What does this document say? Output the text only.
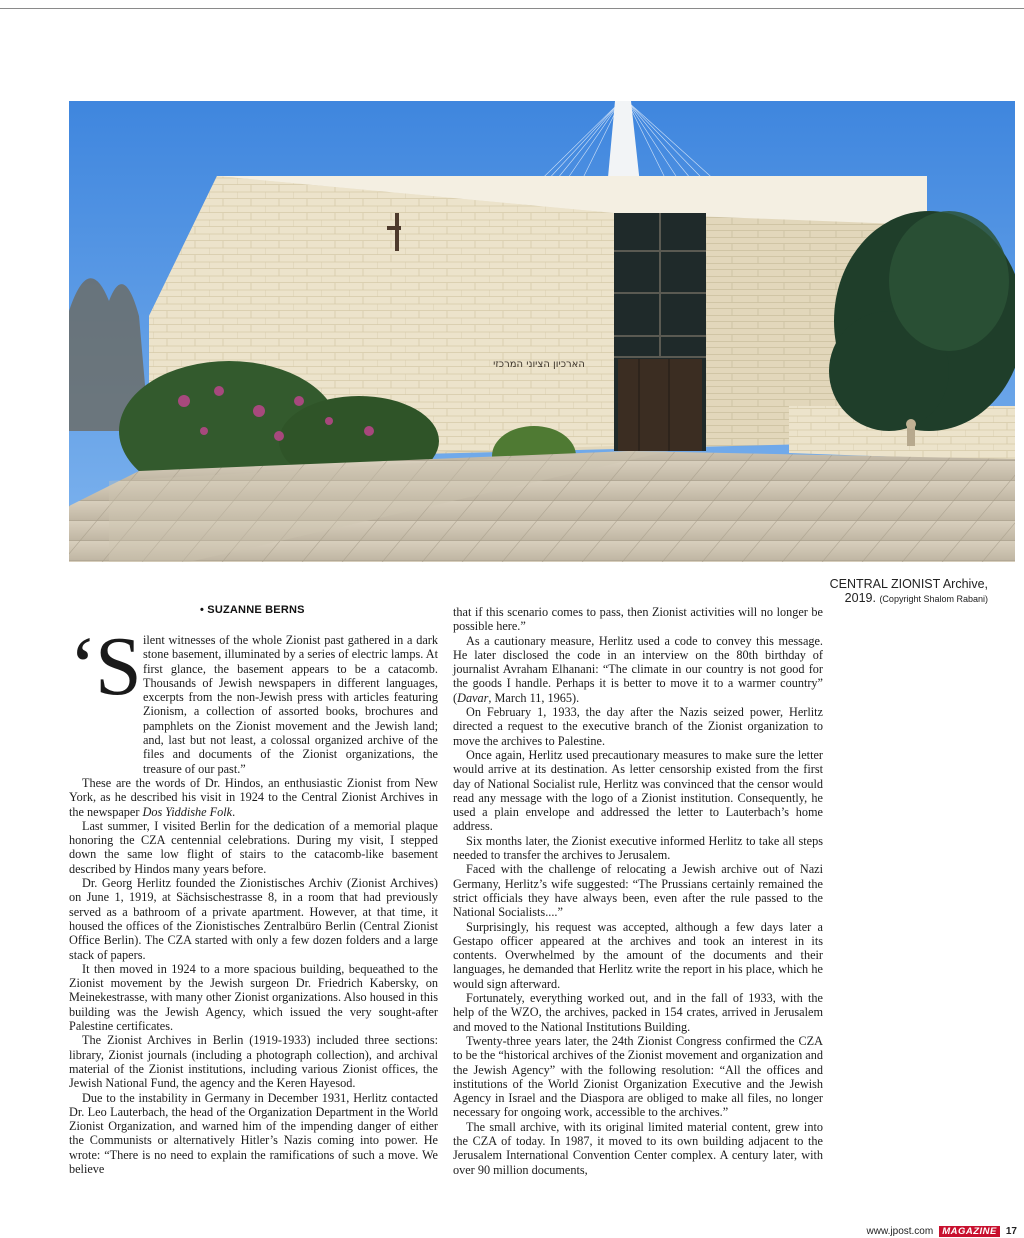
הארכיון הציוני המרכזי
CENTRAL ZIONIST Archive,
2019. (Copyright Shalom Rabani)
• SUZANNE BERNS

‘S ilent witnesses of the whole Zionist past gathered in a dark stone basement, illuminated by a series of electric lamps. At first glance, the basement appears to be a catacomb. Thousands of Jewish newspapers in different languages, excerpts from the non-Jewish press with articles featuring Zionism, a collection of assorted books, brochures and pamphlets on the Zionist movement and the Jewish land; and, last but not least, a colossal organized archive of the files and documents of the Zionist organizations, the treasure of our past.”

These are the words of Dr. Hindos, an enthusiastic Zionist from New York, as he described his visit in 1924 to the Central Zionist Archives in the newspaper Dos Yiddishe Folk.

Last summer, I visited Berlin for the dedication of a memorial plaque honoring the CZA centennial celebrations. During my visit, I stepped down the same low flight of stairs to the catacomb-like basement described by Hindos many years before.

Dr. Georg Herlitz founded the Zionistisches Archiv (Zionist Archives) on June 1, 1919, at Sächsischestrasse 8, in a room that had previously served as a bathroom of a private apartment. However, at that time, it housed the offices of the Zionistisches Zentralbüro Berlin (Central Zionist Office Berlin). The CZA started with only a few dozen folders and a large stack of papers.

It then moved in 1924 to a more spacious building, bequeathed to the Zionist movement by the Jewish surgeon Dr. Friedrich Kabersky, on Meinekestrasse, with many other Zionist organizations. Also housed in this building was the Jewish Agency, which issued the very sought-after Palestine certificates.

The Zionist Archives in Berlin (1919-1933) included three sections: library, Zionist journals (including a photograph collection), and archival material of the Zionist institutions, including various Zionist offices, the Jewish National Fund, the agency and the Keren Hayesod.

Due to the instability in Germany in December 1931, Herlitz contacted Dr. Leo Lauterbach, the head of the Organization Department in the World Zionist Organization, and warned him of the impending danger of either the Communists or alternatively Hitler’s Nazis coming into power. He wrote: “There is no need to explain the ramifications of such a move. We believe

that if this scenario comes to pass, then Zionist activities will no longer be possible here.”

As a cautionary measure, Herlitz used a code to convey this message. He later disclosed the code in an interview on the 80th birthday of journalist Avraham Elhanani: “The climate in our country is not good for the goods I handle. Perhaps it is better to move it to a warmer country” (Davar, March 11, 1965).

On February 1, 1933, the day after the Nazis seized power, Herlitz directed a request to the executive branch of the Zionist organization to move the archives to Palestine.

Once again, Herlitz used precautionary measures to make sure the letter would arrive at its destination. As letter censorship existed from the first day of National Socialist rule, Herlitz was convinced that the censor would read any message with the logo of a Zionist institution. Consequently, he used a plain envelope and addressed the letter to Lauterbach’s home address.

Six months later, the Zionist executive informed Herlitz to take all steps needed to transfer the archives to Jerusalem.

Faced with the challenge of relocating a Jewish archive out of Nazi Germany, Herlitz’s wife suggested: “The Prussians certainly remained the strict officials they have always been, even after the rule passed to the National Socialists....”

Surprisingly, his request was accepted, although a few days later a Gestapo officer appeared at the archives and took an interest in its contents. Overwhelmed by the amount of the documents and their languages, he demanded that Herlitz write the report in his place, which he would sign afterward.

Fortunately, everything worked out, and in the fall of 1933, with the help of the WZO, the archives, packed in 154 crates, arrived in Jerusalem and moved to the National Institutions Building.

Twenty-three years later, the 24th Zionist Congress confirmed the CZA to be the “historical archives of the Zionist movement and organization and the Jewish Agency” with the following resolution: “All the offices and institutions of the World Zionist Organization Executive and the Jewish Agency in Israel and the Diaspora are obliged to make all files, no longer necessary for ongoing work, accessible to the archives.”

The small archive, with its original limited material content, grew into the CZA of today. In 1987, it moved to its own building adjacent to the Jerusalem International Convention Center complex. A century later, with over 90 million documents,

www.jpost.com MAGAZINE 17
